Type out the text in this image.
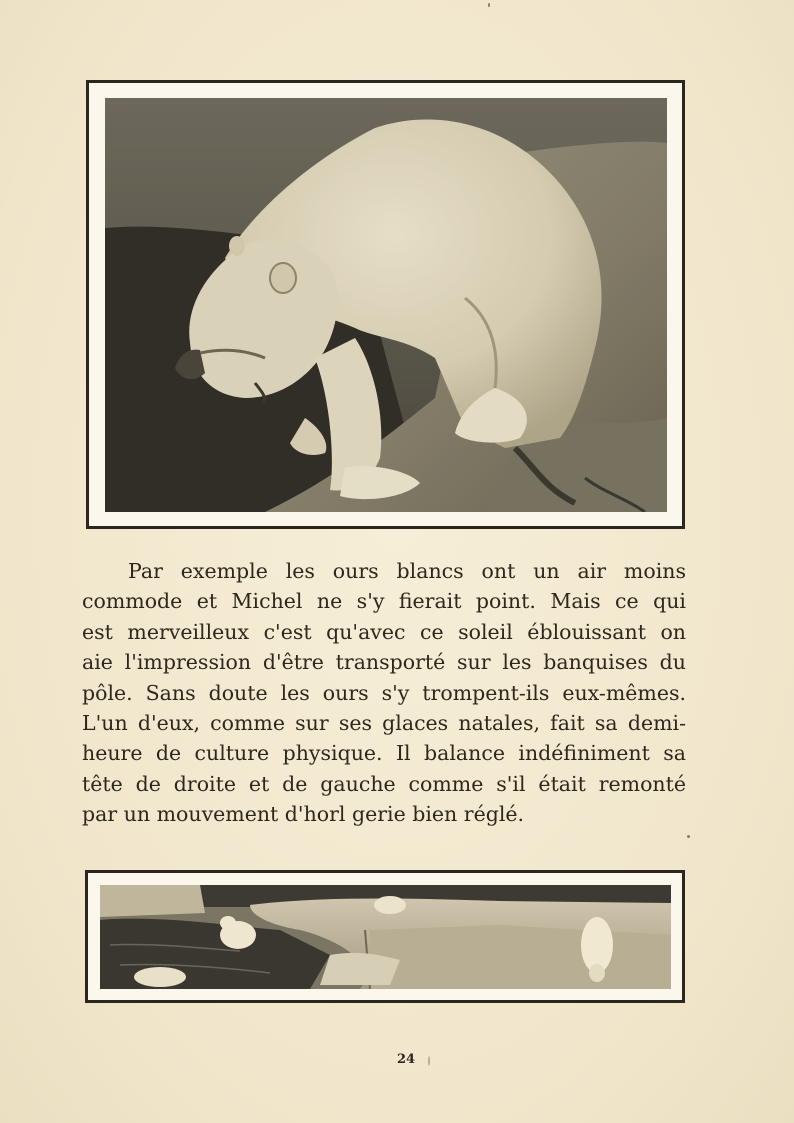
Par exemple les ours blancs ont un air moins
commode et Michel ne s'y fierait point. Mais ce qui
est merveilleux c'est qu'avec ce soleil éblouissant on
aie l'impression d'être transporté sur les banquises du
pôle. Sans doute les ours s'y trompent-ils eux-mêmes.
L'un d'eux, comme sur ses glaces natales, fait sa demi-
heure de culture physique. Il balance indéfiniment sa
tête de droite et de gauche comme s'il était remonté
par un mouvement d'horl gerie bien réglé.
24
